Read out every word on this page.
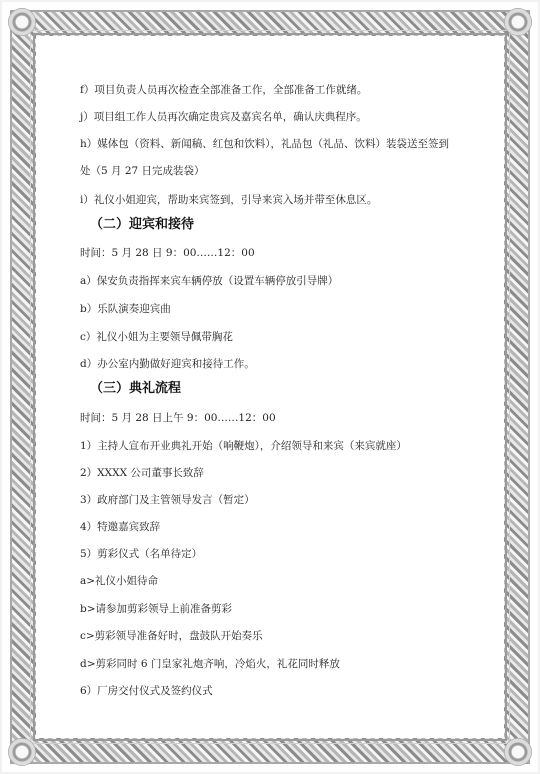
f）项目负责人员再次检查全部准备工作，全部准备工作就绪。
j）项目组工作人员再次确定贵宾及嘉宾名单，确认庆典程序。
h）媒体包（资料、新闻稿、红包和饮料），礼品包（礼品、饮料）装袋送至签到
处（5 月 27 日完成装袋）
i）礼仪小姐迎宾，帮助来宾签到，引导来宾入场并带至休息区。
（二）迎宾和接待
时间：5 月 28 日 9：00……12：00
a）保安负责指挥来宾车辆停放（设置车辆停放引导牌）
b）乐队演奏迎宾曲
c）礼仪小姐为主要领导佩带胸花
d）办公室内勤做好迎宾和接待工作。
（三）典礼流程
时间：5 月 28 日上午 9：00……12：00
1）主持人宣布开业典礼开始（响鞭炮），介绍领导和来宾（来宾就座）
2）XXXX 公司董事长致辞
3）政府部门及主管领导发言（暂定）
4）特邀嘉宾致辞
5）剪彩仪式（名单待定）
a>礼仪小姐待命
b>请参加剪彩领导上前准备剪彩
c>剪彩领导准备好时，盘鼓队开始奏乐
d>剪彩同时 6 门皇家礼炮齐响，冷焰火，礼花同时释放
6）厂房交付仪式及签约仪式
